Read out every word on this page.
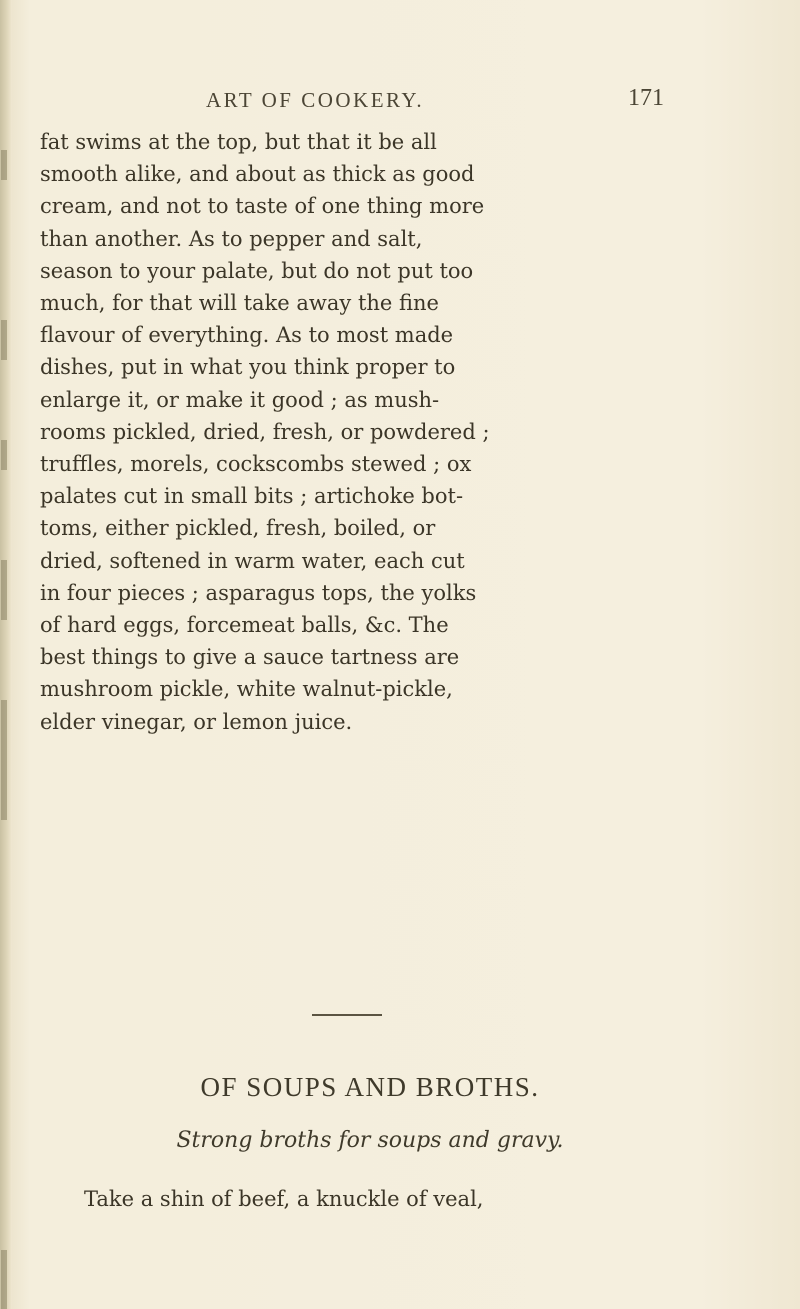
ART OF COOKERY.	171
fat swims at the top, but that it be all
smooth alike, and about as thick as good
cream, and not to taste of one thing more
than another. As to pepper and salt,
season to your palate, but do not put too
much, for that will take away the fine
flavour of everything. As to most made
dishes, put in what you think proper to
enlarge it, or make it good ; as mush-
rooms pickled, dried, fresh, or powdered ;
truffles, morels, cockscombs stewed ; ox
palates cut in small bits ; artichoke bot-
toms, either pickled, fresh, boiled, or
dried, softened in warm water, each cut
in four pieces ; asparagus tops, the yolks
of hard eggs, forcemeat balls, &c. The
best things to give a sauce tartness are
mushroom pickle, white walnut-pickle,
elder vinegar, or lemon juice.
OF SOUPS AND BROTHS.
Strong broths for soups and gravy.
Take a shin of beef, a knuckle of veal,
